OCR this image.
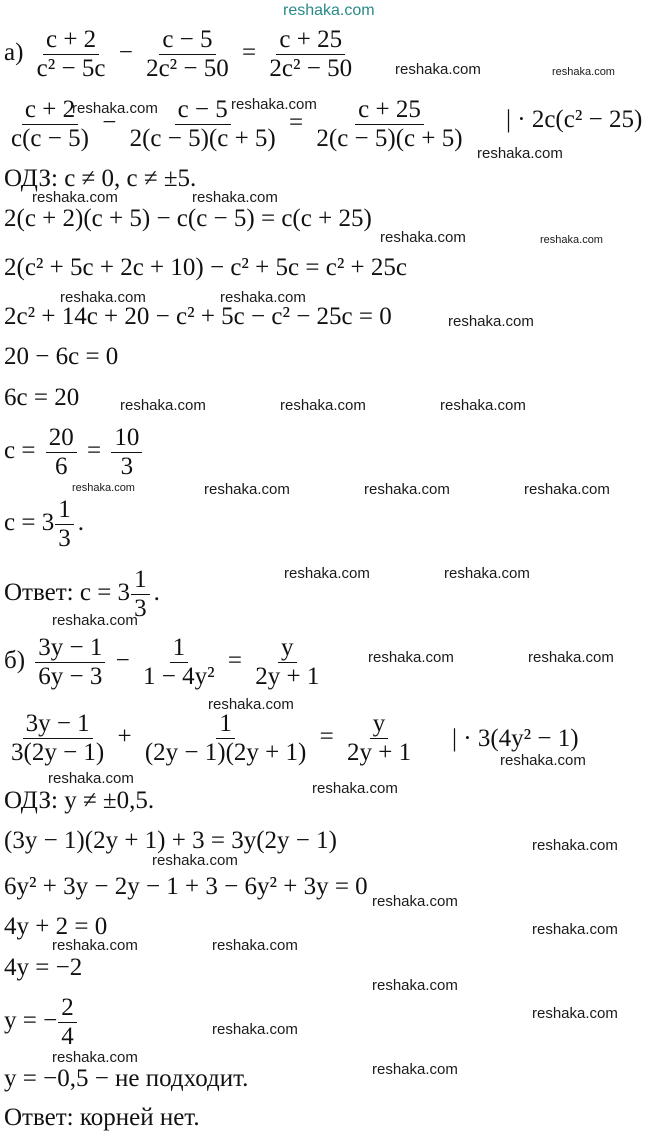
reshaka.com
reshaka.com	reshaka.com
reshaka.com	reshaka.com
reshaka.com
reshaka.com	reshaka.com
reshaka.com	reshaka.com
reshaka.com	reshaka.com
reshaka.com
reshaka.com	reshaka.com	reshaka.com
reshaka.com	reshaka.com	reshaka.com	reshaka.com
reshaka.com	reshaka.com
reshaka.com
reshaka.com	reshaka.com
reshaka.com
reshaka.com
reshaka.com
reshaka.com
reshaka.com
reshaka.com
reshaka.com
reshaka.com
reshaka.com	reshaka.com
reshaka.com
reshaka.com
reshaka.com
reshaka.com
reshaka.com
$а) \frac{c + 2}{\text{c² − 5c}} - \frac{c - 5}{\text{2c² − 50}} = \frac{c + 25}{\text{2c² − 50}}$
$\frac{c + 2}{c(c - 5)} - \frac{c - 5}{2(c - 5)(c + 5)} = \frac{c + 25}{2(c - 5)(c + 5)}$ | · 2c(c² − 25)
ОДЗ: c ≠ 0, c ≠ ±5.
2(c + 2)(c + 5) − c(c − 5) = c(c + 25)
2(c² + 5c + 2c + 10) − c² + 5c = c² + 25c
2c² + 14c + 20 − c² + 5c − c² − 25c = 0
20 − 6c = 0
6c = 20
$c = \frac{20}{6} = \frac{10}{3}$
$c = 3 \frac{1}{3}$ .
Ответ: $c = 3 \frac{1}{3}$ .
$б) \frac{3y - 1}{6y - 3} - \frac{1}{\text{1 − 4y²}} = \frac{y}{2y + 1}$
$\frac{3y - 1}{3(2y - 1)} + \frac{1}{(2y - 1)(2y + 1)} = \frac{y}{2y + 1}$ | · 3(4y² − 1)
ОДЗ: y ≠ ±0,5.
(3y − 1)(2y + 1) + 3 = 3y(2y − 1)
6y² + 3y − 2y − 1 + 3 − 6y² + 3y = 0
4y + 2 = 0
4y = −2
y = − $\frac{2}{4}$
y = −0,5 − не подходит.
Ответ: корней нет.
